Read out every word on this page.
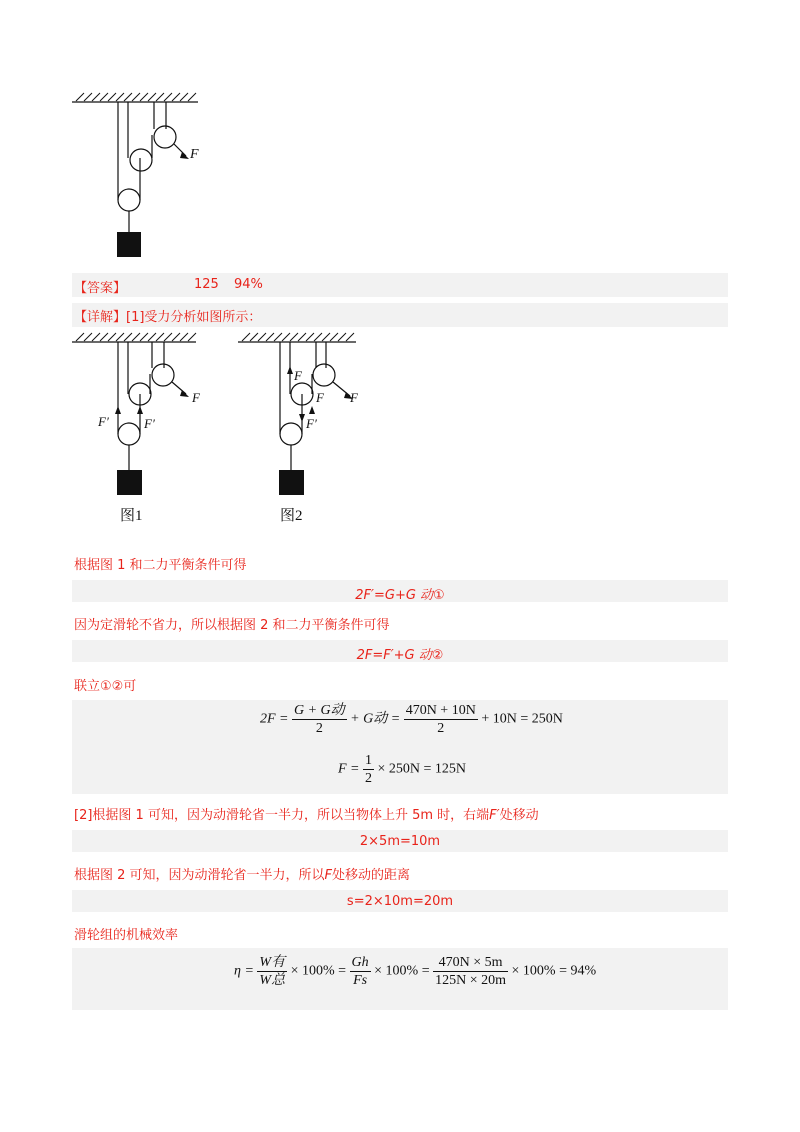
F
【答案】	125 94%
【详解】[1]受力分析如图所示：
F′	F′
F
图1
F
F
F′
F
图2
根据图 1 和二力平衡条件可得
2F′=G+G 动①
因为定滑轮不省力，所以根据图 2 和二力平衡条件可得
2F=F′+G 动②
联立①②可
$2F = \frac{\text{G + G动}}{2} + G$动 = $\frac{470N + 10N}{2} + 10N = 250N$
$F = \frac{1}{2} \times 250N = 125N$
[2]根据图 1 可知，因为动滑轮省一半力，所以当物体上升 5m 时，右端F′处移动
2×5m=10m
根据图 2 可知，因为动滑轮省一半力，所以F处移动的距离
s=2×10m=20m
滑轮组的机械效率
$\eta = \frac{\text{W有}}{\text{W总}} \times 100\% = \frac{Gh}{Fs} \times 100\% = \frac{470N \times 5m}{125N \times 20m} \times 100\% = 94\%$
